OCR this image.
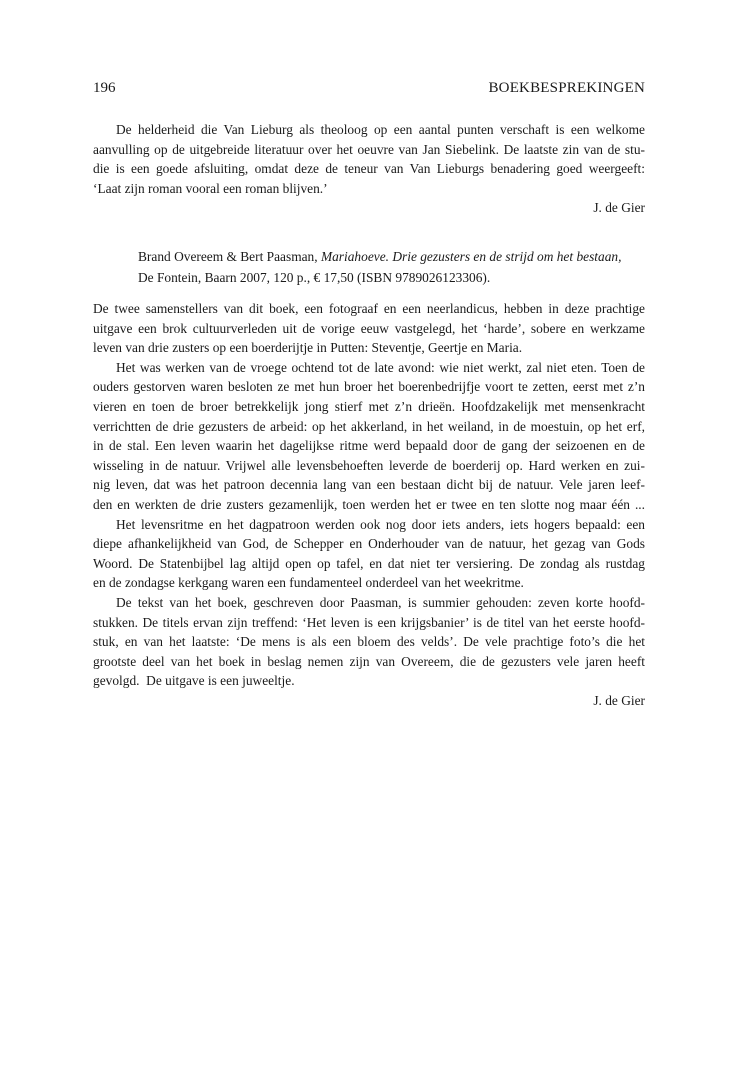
196	BOEKBESPREKINGEN
De helderheid die Van Lieburg als theoloog op een aantal punten verschaft is een welkome
aanvulling op de uitgebreide literatuur over het oeuvre van Jan Siebelink. De laatste zin van de stu-
die is een goede afsluiting, omdat deze de teneur van Van Lieburgs benadering goed weergeeft:
‘Laat zijn roman vooral een roman blijven.’
J. de Gier
Brand Overeem & Bert Paasman, Mariahoeve. Drie gezusters en de strijd om het bestaan,
De Fontein, Baarn 2007, 120 p., € 17,50 (ISBN 9789026123306).
De twee samenstellers van dit boek, een fotograaf en een neerlandicus, hebben in deze prachtige
uitgave een brok cultuurverleden uit de vorige eeuw vastgelegd, het ‘harde’, sobere en werkzame
leven van drie zusters op een boerderijtje in Putten: Steventje, Geertje en Maria.
Het was werken van de vroege ochtend tot de late avond: wie niet werkt, zal niet eten. Toen de
ouders gestorven waren besloten ze met hun broer het boerenbedrijfje voort te zetten, eerst met z’n
vieren en toen de broer betrekkelijk jong stierf met z’n drieën. Hoofdzakelijk met mensenkracht
verrichtten de drie gezusters de arbeid: op het akkerland, in het weiland, in de moestuin, op het erf,
in de stal. Een leven waarin het dagelijkse ritme werd bepaald door de gang der seizoenen en de
wisseling in de natuur. Vrijwel alle levensbehoeften leverde de boerderij op. Hard werken en zui-
nig leven, dat was het patroon decennia lang van een bestaan dicht bij de natuur. Vele jaren leef-
den en werkten de drie zusters gezamenlijk, toen werden het er twee en ten slotte nog maar één ...
Het levensritme en het dagpatroon werden ook nog door iets anders, iets hogers bepaald: een
diepe afhankelijkheid van God, de Schepper en Onderhouder van de natuur, het gezag van Gods
Woord. De Statenbijbel lag altijd open op tafel, en dat niet ter versiering. De zondag als rustdag
en de zondagse kerkgang waren een fundamenteel onderdeel van het weekritme.
De tekst van het boek, geschreven door Paasman, is summier gehouden: zeven korte hoofd-
stukken. De titels ervan zijn treffend: ‘Het leven is een krijgsbanier’ is de titel van het eerste hoofd-
stuk, en van het laatste: ‘De mens is als een bloem des velds’. De vele prachtige foto’s die het
grootste deel van het boek in beslag nemen zijn van Overeem, die de gezusters vele jaren heeft
gevolgd.  De uitgave is een juweeltje.
J. de Gier
